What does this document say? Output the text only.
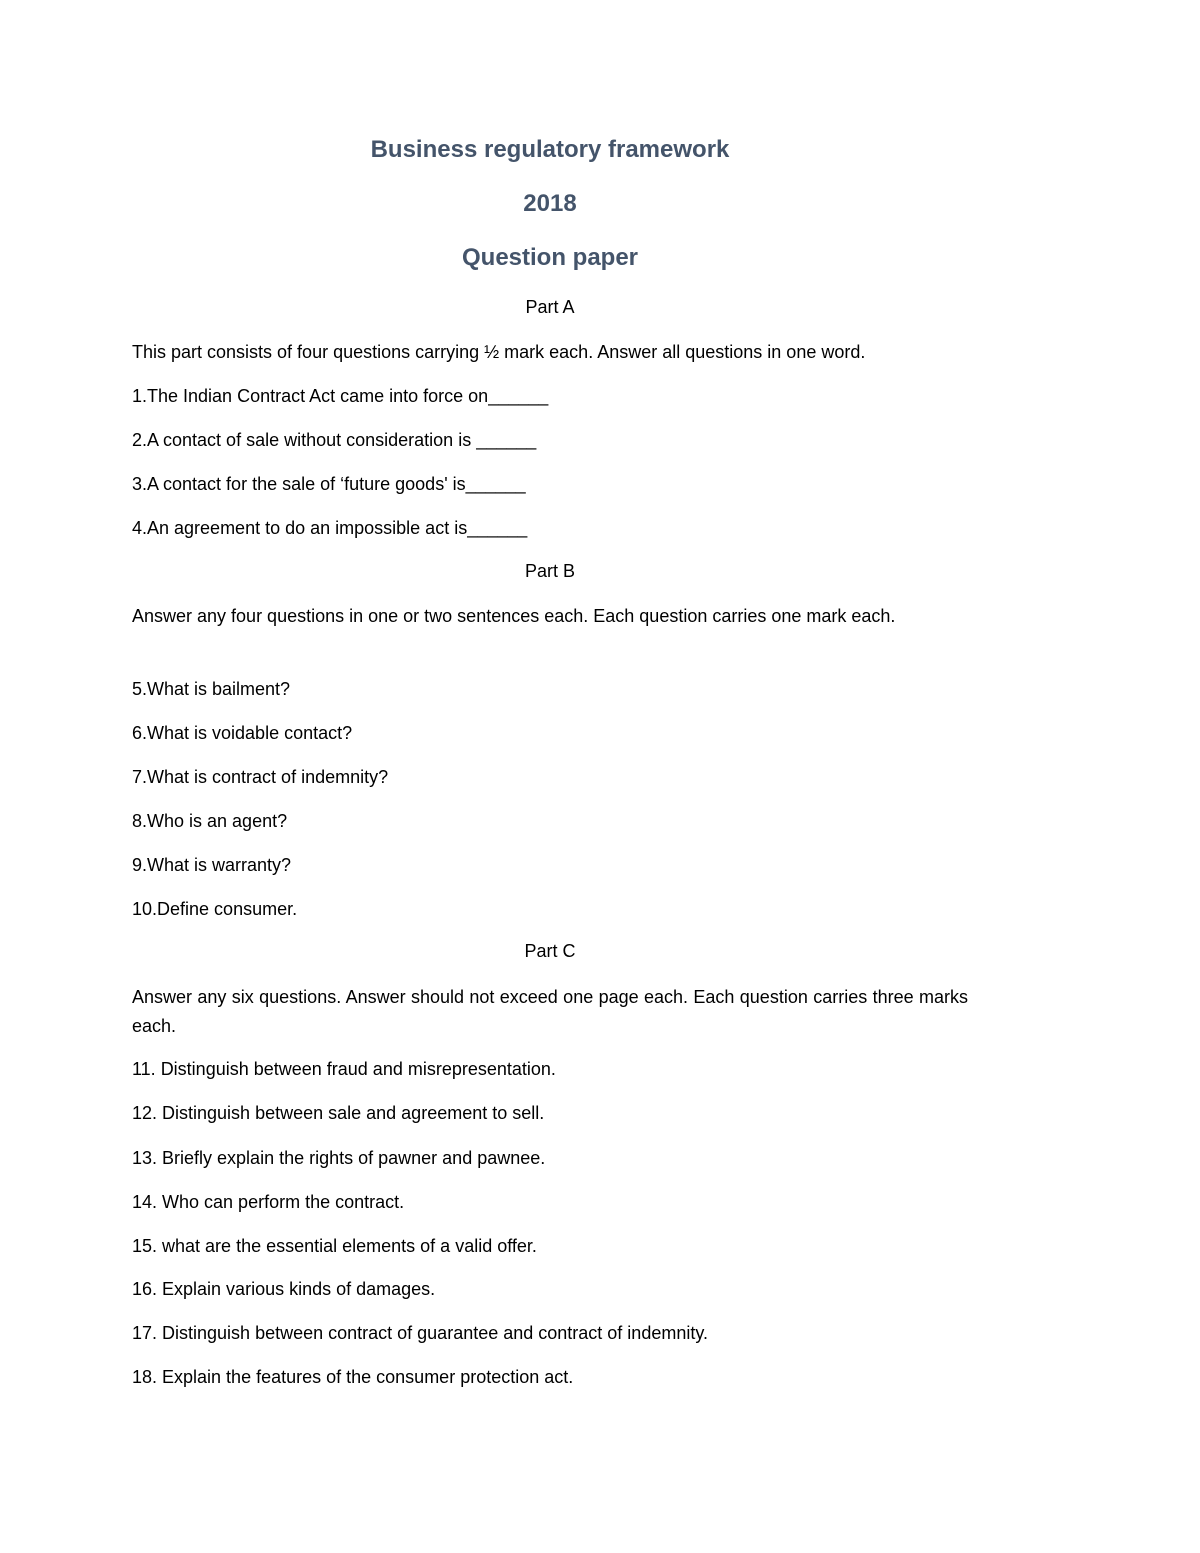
Business regulatory framework
2018
Question paper

Part A

This part consists of four questions carrying ½ mark each. Answer all questions in one word.

1.The Indian Contract Act came into force on______

2.A contact of sale without consideration is ______

3.A contact for the sale of ‘future goods' is______

4.An agreement to do an impossible act is______

Part B

Answer any four questions in one or two sentences each. Each question carries one mark each.

5.What is bailment?

6.What is voidable contact?

7.What is contract of indemnity?

8.Who is an agent?

9.What is warranty?

10.Define consumer.

Part C

Answer any six questions. Answer should not exceed one page each. Each question carries three marks each.

11. Distinguish between fraud and misrepresentation.

12. Distinguish between sale and agreement to sell.

13. Briefly explain the rights of pawner and pawnee.

14. Who can perform the contract.

15. what are the essential elements of a valid offer.

16. Explain various kinds of damages.

17. Distinguish between contract of guarantee and contract of indemnity.

18. Explain the features of the consumer protection act.
